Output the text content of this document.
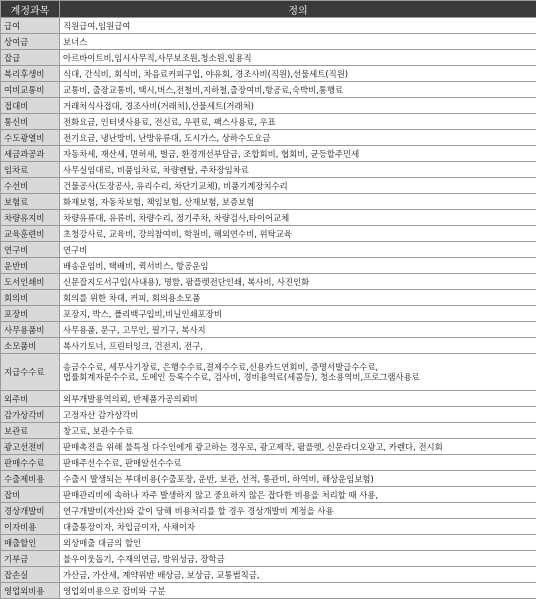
계정과목	정의
급여	직원급여,임원급여
상여금	보너스
잡급	아르바이트비,임시사무직,사무보조원,청소원,일용직
복리후생비	식대, 간식비, 회식비, 차음료커피구입, 야유회, 경조사비(직원),선물세트(직원)
여비교통비	교통비, 출장교통비, 택시,버스,전철비,지하철,출장여비,항공료,숙박비,통행료
접대비	거래처식사접대, 경조사비(거래처),선물세트(거래처)
통신비	전화요금, 인터넷사용료, 전신료, 우편료, 팩스사용료, 우표
수도광열비	전기요금, 냉난방비, 난방유류대, 도시가스, 상하수도요금
세금과공과	자동차세, 재산세, 면허세, 벌금, 환경개선부담금, 조합회비, 협회비, 균등할주민세
임차료	사무실임대료, 비품임차료, 차량렌탈, 주차장임차료
수선비	건물공사(도장공사, 유리수리, 차단기교체), 비품기계장치수리
보험료	화재보험, 자동차보험, 책임보험, 산재보험, 보증보험
차량유지비	차량유류대, 유류비, 차량수리, 정기주차, 차량검사,타이어교체
교육훈련비	초청강사료, 교육비, 강의참여비, 학원비, 해외연수비, 위탁교육
연구비	연구비
운반비	배송운임비, 택배비, 퀵서비스, 항공운임
도서인쇄비	신문잡지도서구입(사내용), 명함, 팜플렛전단인쇄, 복사비, 사진인화
회의비	회의를 위한 차대, 커피, 회의용소모품
포장비	포장지, 박스, 폴리백구입비,비닐인쇄포장비
사무용품비	사무용품, 문구, 고무인, 필기구, 복사지
소모품비	복사기토너, 프린터잉크, 건전지, 전구,
지급수수료	송금수수료, 세무사기장료, 은행수수료,결제수수료,신용카드연회비, 증명서발급수수료,
법률회계자문수수료, 도메인 등록수수료, 검사비, 경비용역료(세콤등), 청소용역비,프로그램사용료

외주비	외부개발용역의뢰, 반제품가공의뢰비
감가상각비	고정자산 감가상각비
보관료	창고료, 보관수수료
광고선전비	판매촉진을 위해 불특정 다수인에게 광고하는 경우로, 광고제작, 팜플렛, 신문라디오광고, 카렌다, 전시회
판매수수료	판매주선수수료, 판매알선수수료
수출제비용	수출시 발생되는 부대비용(수출포장, 운반, 보관, 선적, 통관비, 하역비, 해상운임보험)
잡비	판매관리비에 속하나 자주 발생하지 않고 중요하지 않은 잡다한 비용을 처리할 때 사용,
경상개발비	연구개발비(자산)와 같이 당해 비용처리를 할 경우 경상개발비 계정을 사용
이자비용	대출통장이자, 차입금이자, 사채이자
매출할인	외상매출 대금의 할인
기부금	불우이웃돕기, 수재의연금, 방위성금, 장학금
잡손실	가산금, 가산세, 계약위반 배상금, 보상금, 교통범칙금,
영업외비용	영업외비용으로 잡비와 구분
